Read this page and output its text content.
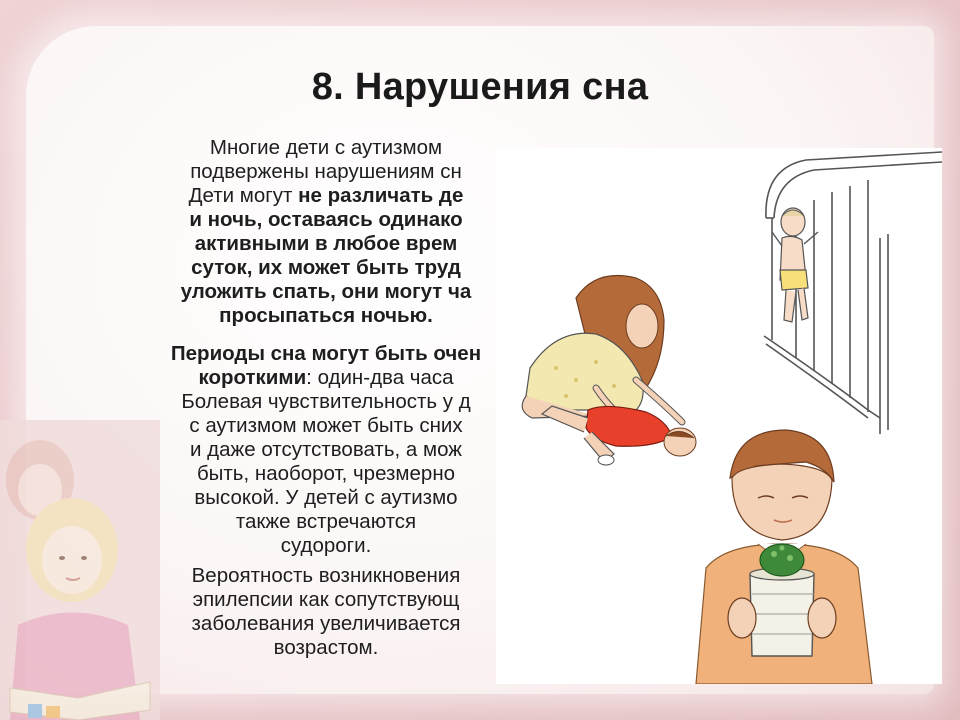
8. Нарушения сна

Многие дети с аутизмом

подвержены нарушениям сн

Дети могут не различать де

и ночь, оставаясь одинако

активными в любое врем

суток, их может быть труд

уложить спать, они могут ча

просыпаться ночью.

Периоды сна могут быть очен

короткими: один-два часа

Болевая чувствительность у д

с аутизмом может быть сних

и даже отсутствовать, а мож

быть, наоборот, чрезмерно

высокой. У детей с аутизмо

также встречаются

судороги.

Вероятность возникновения

эпилепсии как сопутствующ

заболевания увеличивается

возрастом.
